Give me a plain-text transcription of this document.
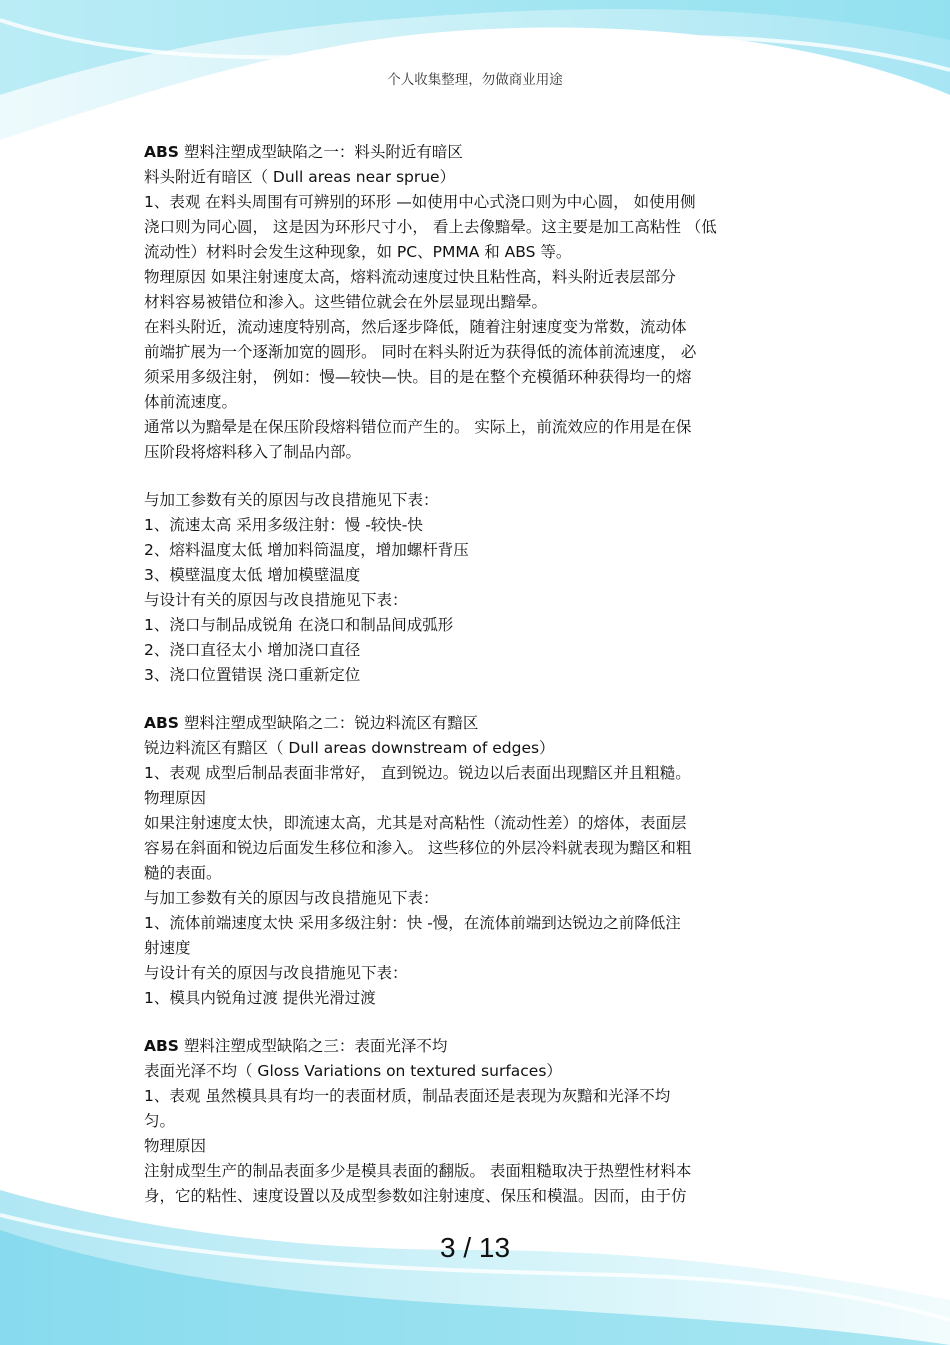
个人收集整理，勿做商业用途
ABS 塑料注塑成型缺陷之一：料头附近有暗区
料头附近有暗区（ Dull areas near sprue）
1、表观 在料头周围有可辨别的环形 —如使用中心式浇口则为中心圆， 如使用侧
浇口则为同心圆， 这是因为环形尺寸小， 看上去像黯晕。这主要是加工高粘性 （低
流动性）材料时会发生这种现象，如 PC、PMMA 和 ABS 等。
物理原因 如果注射速度太高，熔料流动速度过快且粘性高，料头附近表层部分
材料容易被错位和渗入。这些错位就会在外层显现出黯晕。
在料头附近，流动速度特别高，然后逐步降低，随着注射速度变为常数，流动体
前端扩展为一个逐渐加宽的圆形。 同时在料头附近为获得低的流体前流速度， 必
须采用多级注射， 例如：慢—较快—快。目的是在整个充模循环种获得均一的熔
体前流速度。
通常以为黯晕是在保压阶段熔料错位而产生的。 实际上，前流效应的作用是在保
压阶段将熔料移入了制品内部。
与加工参数有关的原因与改良措施见下表：
1、流速太高 采用多级注射：慢 -较快-快
2、熔料温度太低 增加料筒温度，增加螺杆背压
3、模壁温度太低 增加模壁温度
与设计有关的原因与改良措施见下表：
1、浇口与制品成锐角 在浇口和制品间成弧形
2、浇口直径太小 增加浇口直径
3、浇口位置错误 浇口重新定位
ABS 塑料注塑成型缺陷之二：锐边料流区有黯区
锐边料流区有黯区（ Dull areas downstream of edges）
1、表观 成型后制品表面非常好， 直到锐边。锐边以后表面出现黯区并且粗糙。
物理原因
如果注射速度太快，即流速太高，尤其是对高粘性（流动性差）的熔体，表面层
容易在斜面和锐边后面发生移位和渗入。 这些移位的外层冷料就表现为黯区和粗
糙的表面。
与加工参数有关的原因与改良措施见下表：
1、流体前端速度太快 采用多级注射：快 -慢，在流体前端到达锐边之前降低注
射速度
与设计有关的原因与改良措施见下表：
1、模具内锐角过渡 提供光滑过渡
ABS 塑料注塑成型缺陷之三：表面光泽不均
表面光泽不均（ Gloss Variations on textured surfaces）
1、表观 虽然模具具有均一的表面材质，制品表面还是表现为灰黯和光泽不均
匀。
物理原因
注射成型生产的制品表面多少是模具表面的翻版。 表面粗糙取决于热塑性材料本
身，它的粘性、速度设置以及成型参数如注射速度、保压和模温。因而，由于仿
3 / 13
